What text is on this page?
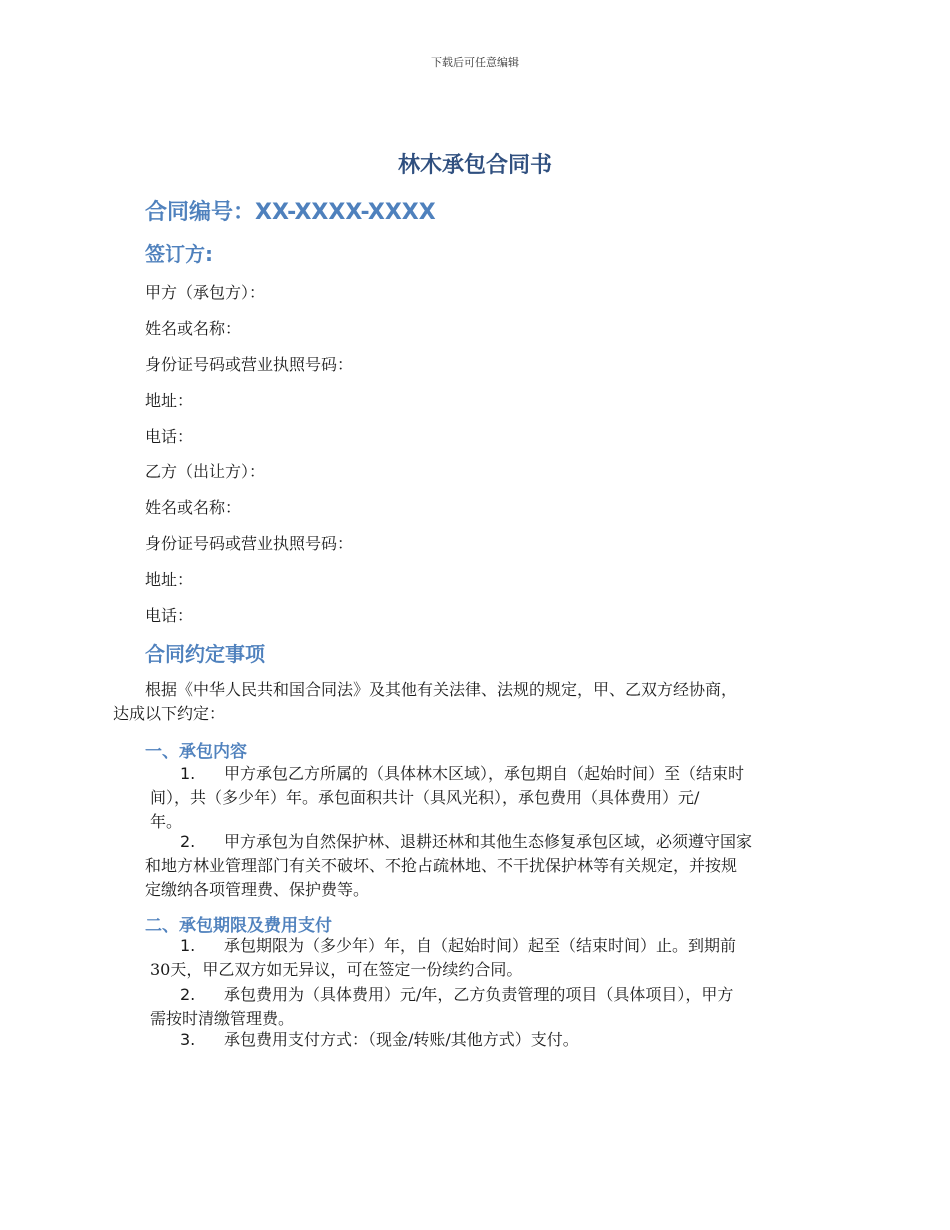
下载后可任意编辑
林木承包合同书
合同编号：XX-XXXX-XXXX
签订方:
甲方（承包方）：
姓名或名称：
身份证号码或营业执照号码：
地址：
电话：
乙方（出让方）：
姓名或名称：
身份证号码或营业执照号码：
地址：
电话：
合同约定事项
根据《中华人民共和国合同法》及其他有关法律、法规的规定，甲、乙双方经协商，
达成以下约定：
一、承包内容
1. 甲方承包乙方所属的（具体林木区域），承包期自（起始时间）至（结束时
间），共（多少年）年。承包面积共计（具风光积），承包费用（具体费用）元/
年。
2. 甲方承包为自然保护林、退耕还林和其他生态修复承包区域，必须遵守国家
和地方林业管理部门有关不破坏、不抢占疏林地、不干扰保护林等有关规定，并按规
定缴纳各项管理费、保护费等。
二、承包期限及费用支付
1. 承包期限为（多少年）年，自（起始时间）起至（结束时间）止。到期前
30天，甲乙双方如无异议，可在签定一份续约合同。
2. 承包费用为（具体费用）元/年，乙方负责管理的项目（具体项目），甲方
需按时清缴管理费。
3. 承包费用支付方式：（现金/转账/其他方式）支付。
